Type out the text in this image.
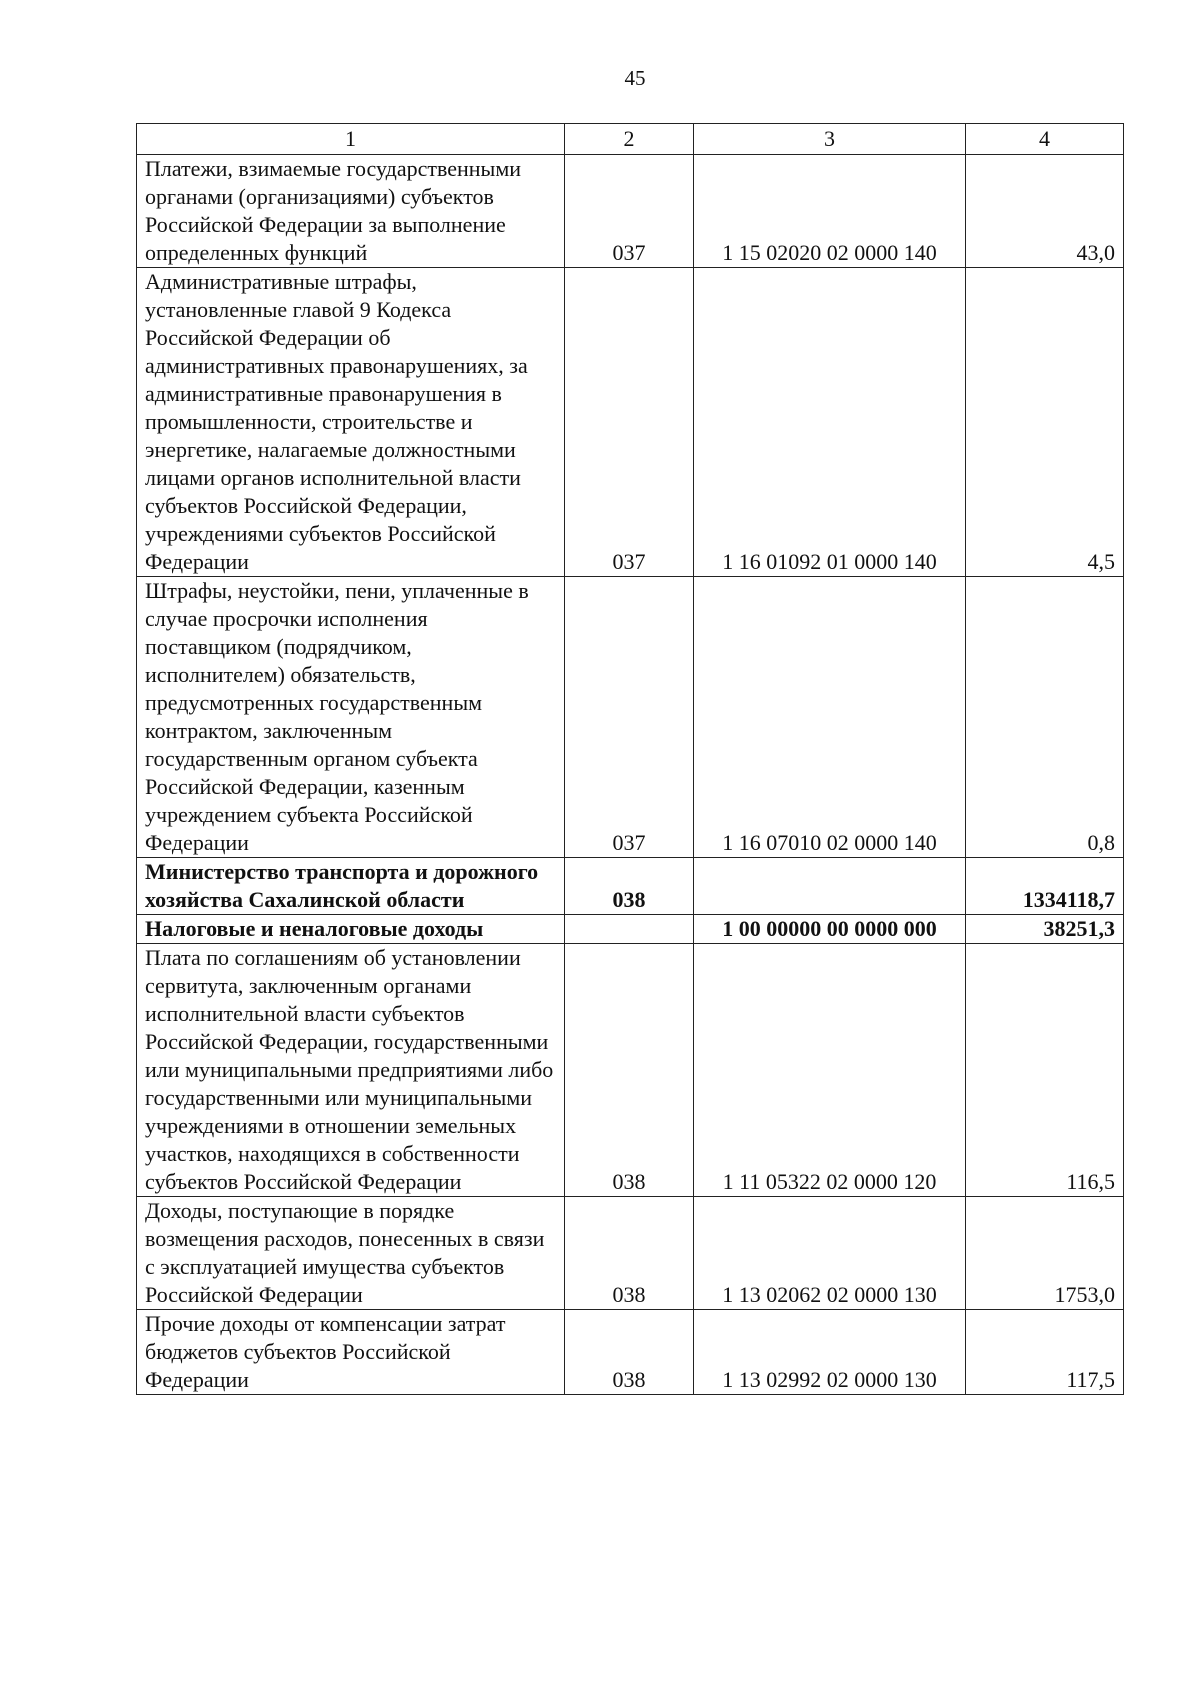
45
1	2	3	4
Платежи, взимаемые государственными органами (организациями) субъектов Российской Федерации за выполнение определенных функций	037	1 15 02020 02 0000 140	43,0
Административные штрафы, установленные главой 9 Кодекса Российской Федерации об административных правонарушениях, за административные правонарушения в промышленности, строительстве и энергетике, налагаемые должностными лицами органов исполнительной власти субъектов Российской Федерации, учреждениями субъектов Российской Федерации	037	1 16 01092 01 0000 140	4,5
Штрафы, неустойки, пени, уплаченные в случае просрочки исполнения поставщиком (подрядчиком, исполнителем) обязательств, предусмотренных государственным контрактом, заключенным государственным органом субъекта Российской Федерации, казенным учреждением субъекта Российской Федерации	037	1 16 07010 02 0000 140	0,8
Министерство транспорта и дорожного хозяйства Сахалинской области	038		1334118,7
Налоговые и неналоговые доходы		1 00 00000 00 0000 000	38251,3
Плата по соглашениям об установлении сервитута, заключенным органами исполнительной власти субъектов Российской Федерации, государственными или муниципальными предприятиями либо государственными или муниципальными учреждениями в отношении земельных участков, находящихся в собственности субъектов Российской Федерации	038	1 11 05322 02 0000 120	116,5
Доходы, поступающие в порядке возмещения расходов, понесенных в связи с эксплуатацией имущества субъектов Российской Федерации	038	1 13 02062 02 0000 130	1753,0
Прочие доходы от компенсации затрат бюджетов субъектов Российской Федерации	038	1 13 02992 02 0000 130	117,5
